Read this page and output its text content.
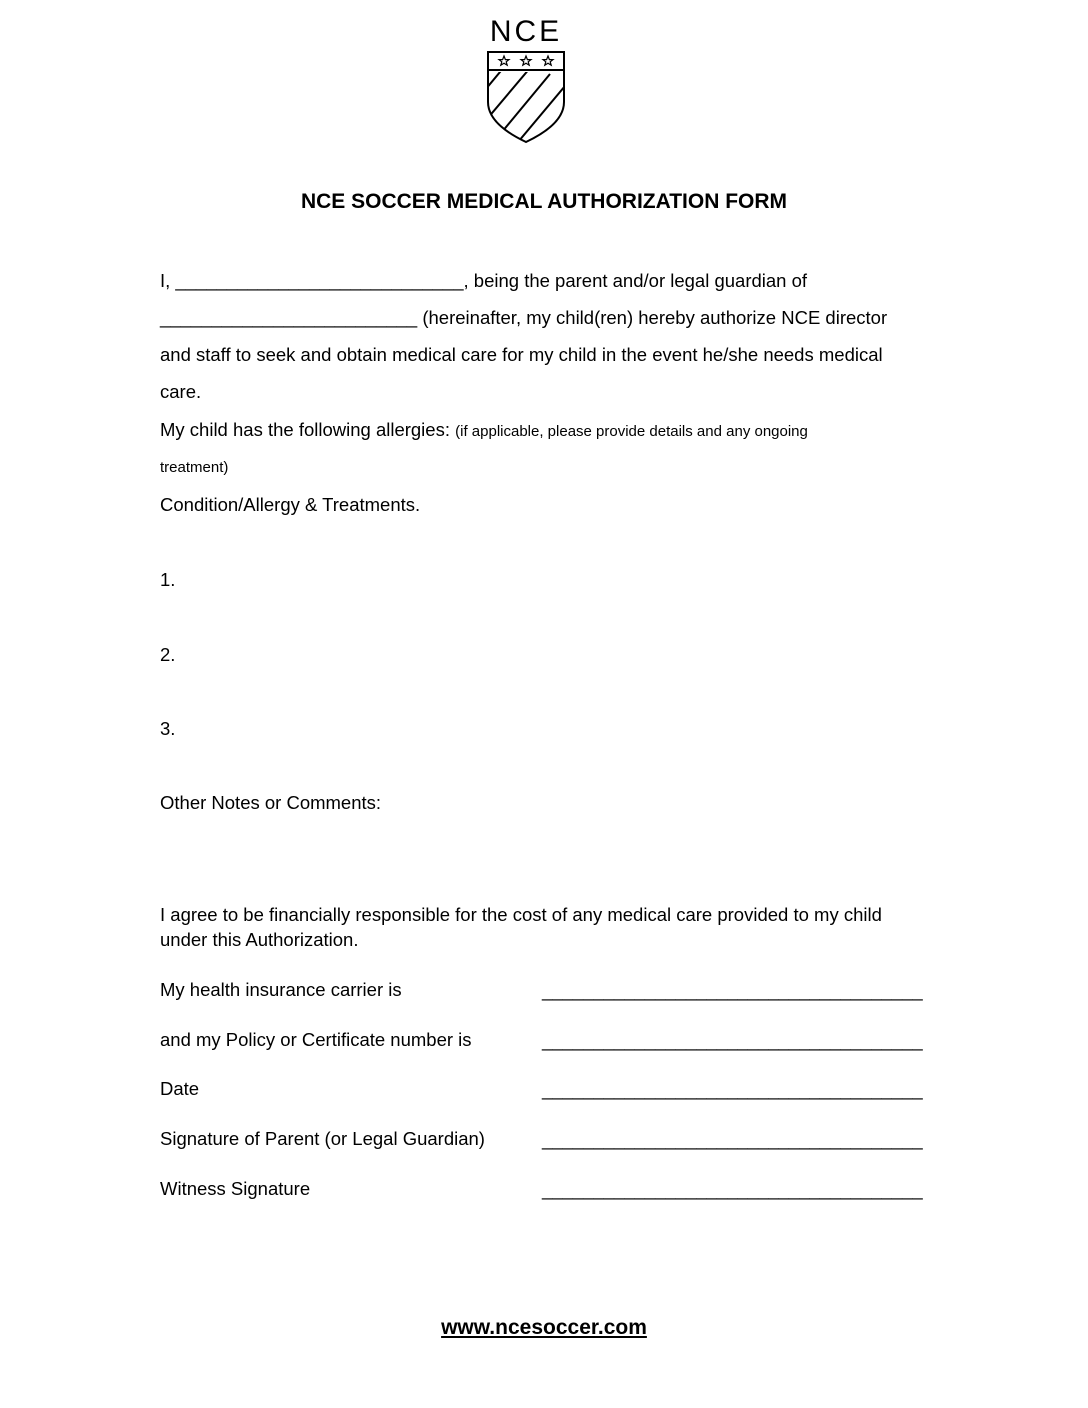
NCE
NCE SOCCER MEDICAL AUTHORIZATION FORM
I, ____________________________, being the parent and/or legal guardian of
_________________________ (hereinafter, my child(ren) hereby authorize NCE director
and staff to seek and obtain medical care for my child in the event he/she needs medical
care.
My child has the following allergies: (if applicable, please provide details and any ongoing
treatment)
Condition/Allergy & Treatments.
1.
2.
3.
Other Notes or Comments:
I agree to be financially responsible for the cost of any medical care provided to my child
under this Authorization.
My health insurance carrier is	_____________________________________
and my Policy or Certificate number is	_____________________________________
Date	_____________________________________
Signature of Parent (or Legal Guardian)	_____________________________________
Witness Signature	_____________________________________
www.ncesoccer.com
